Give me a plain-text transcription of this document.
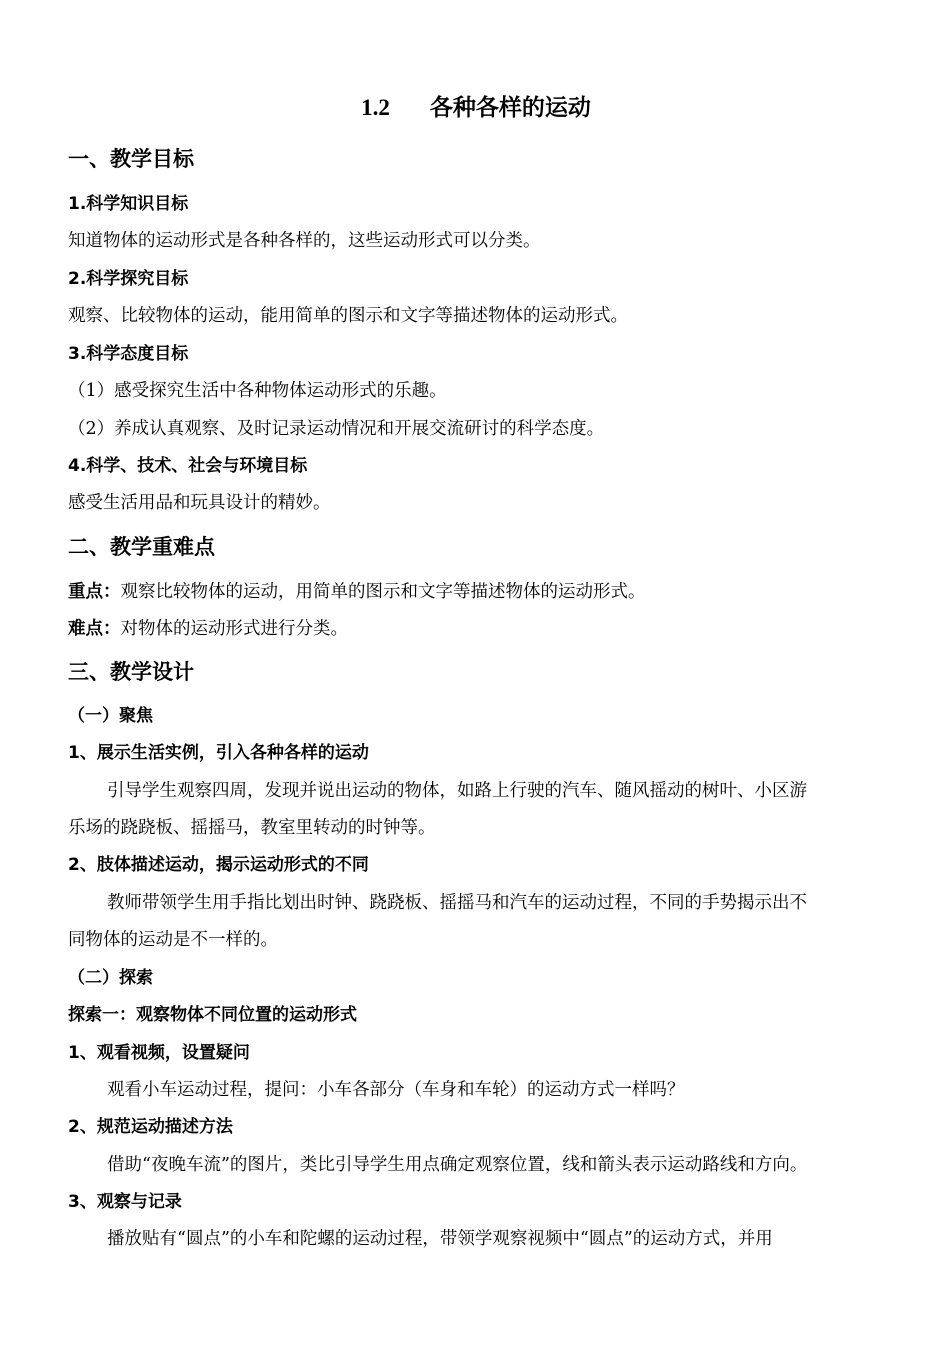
1.2 各种各样的运动
一、教学目标
1.科学知识目标
知道物体的运动形式是各种各样的，这些运动形式可以分类。
2.科学探究目标
观察、比较物体的运动，能用简单的图示和文字等描述物体的运动形式。
3.科学态度目标
（1）感受探究生活中各种物体运动形式的乐趣。
（2）养成认真观察、及时记录运动情况和开展交流研讨的科学态度。
4.科学、技术、社会与环境目标
感受生活用品和玩具设计的精妙。
二、教学重难点
重点：观察比较物体的运动，用简单的图示和文字等描述物体的运动形式。
难点：对物体的运动形式进行分类。
三、教学设计
（一）聚焦
1、展示生活实例，引入各种各样的运动
引导学生观察四周，发现并说出运动的物体，如路上行驶的汽车、随风摇动的树叶、小区游
乐场的跷跷板、摇摇马，教室里转动的时钟等。
2、肢体描述运动，揭示运动形式的不同
教师带领学生用手指比划出时钟、跷跷板、摇摇马和汽车的运动过程，不同的手势揭示出不
同物体的运动是不一样的。
（二）探索
探索一：观察物体不同位置的运动形式
1、观看视频，设置疑问
观看小车运动过程，提问：小车各部分（车身和车轮）的运动方式一样吗？
2、规范运动描述方法
借助“夜晚车流”的图片，类比引导学生用点确定观察位置，线和箭头表示运动路线和方向。
3、观察与记录
播放贴有“圆点”的小车和陀螺的运动过程，带领学观察视频中“圆点”的运动方式，并用
